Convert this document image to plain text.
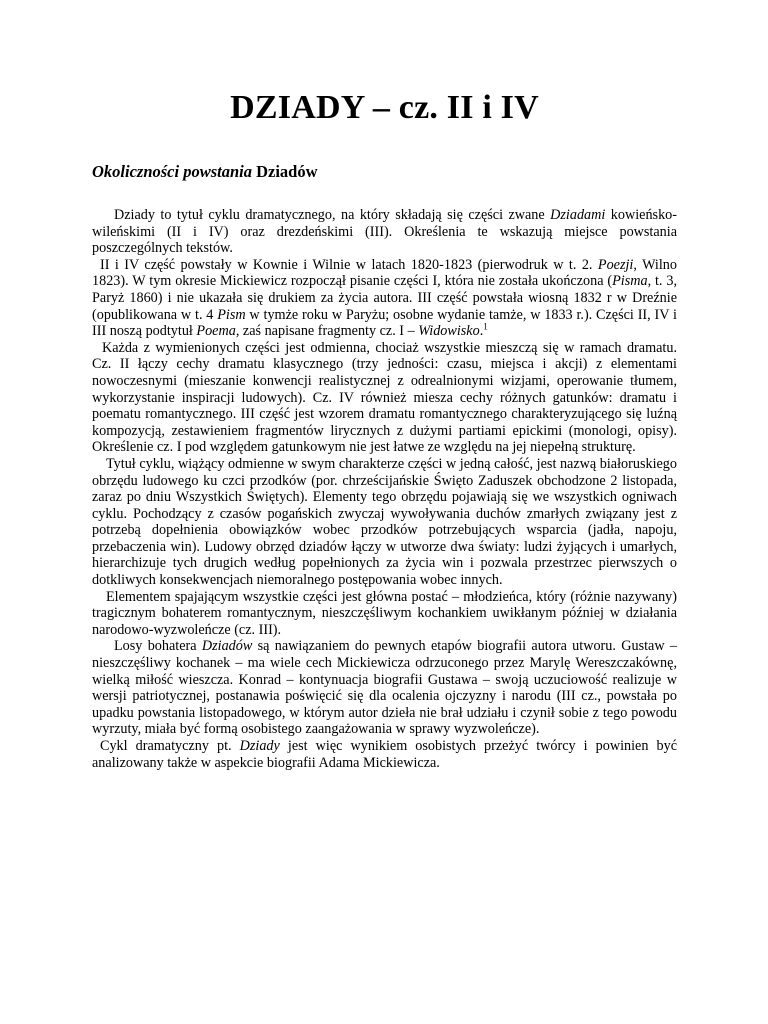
DZIADY – cz. II i IV
Okoliczności powstania Dziadów

Dziady to tytuł cyklu dramatycznego, na który składają się części zwane Dziadami kowieńsko-wileńskimi (II i IV) oraz drezdeńskimi (III). Określenia te wskazują miejsce powstania poszczególnych tekstów.

II i IV część powstały w Kownie i Wilnie w latach 1820-1823 (pierwodruk w t. 2. Poezji, Wilno 1823). W tym okresie Mickiewicz rozpoczął pisanie części I, która nie została ukończona (Pisma, t. 3, Paryż 1860) i nie ukazała się drukiem za życia autora. III część powstała wiosną 1832 r w Dreźnie (opublikowana w t. 4 Pism w tymże roku w Paryżu; osobne wydanie tamże, w 1833 r.). Części II, IV i III noszą podtytuł Poema, zaś napisane fragmenty cz. I – Widowisko.$^1$

Każda z wymienionych części jest odmienna, chociaż wszystkie mieszczą się w ramach dramatu. Cz. II łączy cechy dramatu klasycznego (trzy jedności: czasu, miejsca i akcji) z elementami nowoczesnymi (mieszanie konwencji realistycznej z odrealnionymi wizjami, operowanie tłumem, wykorzystanie inspiracji ludowych). Cz. IV również miesza cechy różnych gatunków: dramatu i poematu romantycznego. III część jest wzorem dramatu romantycznego charakteryzującego się luźną kompozycją, zestawieniem fragmentów lirycznych z dużymi partiami epickimi (monologi, opisy). Określenie cz. I pod względem gatunkowym nie jest łatwe ze względu na jej niepełną strukturę.

Tytuł cyklu, wiążący odmienne w swym charakterze części w jedną całość, jest nazwą białoruskiego obrzędu ludowego ku czci przodków (por. chrześcijańskie Święto Zaduszek obchodzone 2 listopada, zaraz po dniu Wszystkich Świętych). Elementy tego obrzędu pojawiają się we wszystkich ogniwach cyklu. Pochodzący z czasów pogańskich zwyczaj wywoływania duchów zmarłych związany jest z potrzebą dopełnienia obowiązków wobec przodków potrzebujących wsparcia (jadła, napoju, przebaczenia win). Ludowy obrzęd dziadów łączy w utworze dwa światy: ludzi żyjących i umarłych, hierarchizuje tych drugich według popełnionych za życia win i pozwala przestrzec pierwszych o dotkliwych konsekwencjach niemoralnego postępowania wobec innych.

Elementem spajającym wszystkie części jest główna postać – młodzieńca, który (różnie nazywany) tragicznym bohaterem romantycznym, nieszczęśliwym kochankiem uwikłanym później w działania narodowo-wyzwoleńcze (cz. III).

Losy bohatera Dziadów są nawiązaniem do pewnych etapów biografii autora utworu. Gustaw – nieszczęśliwy kochanek – ma wiele cech Mickiewicza odrzuconego przez Marylę Wereszczakównę, wielką miłość wieszcza. Konrad – kontynuacja biografii Gustawa – swoją uczuciowość realizuje w wersji patriotycznej, postanawia poświęcić się dla ocalenia ojczyzny i narodu (III cz., powstała po upadku powstania listopadowego, w którym autor dzieła nie brał udziału i czynił sobie z tego powodu wyrzuty, miała być formą osobistego zaangażowania w sprawy wyzwoleńcze).

Cykl dramatyczny pt. Dziady jest więc wynikiem osobistych przeżyć twórcy i powinien być analizowany także w aspekcie biografii Adama Mickiewicza.
